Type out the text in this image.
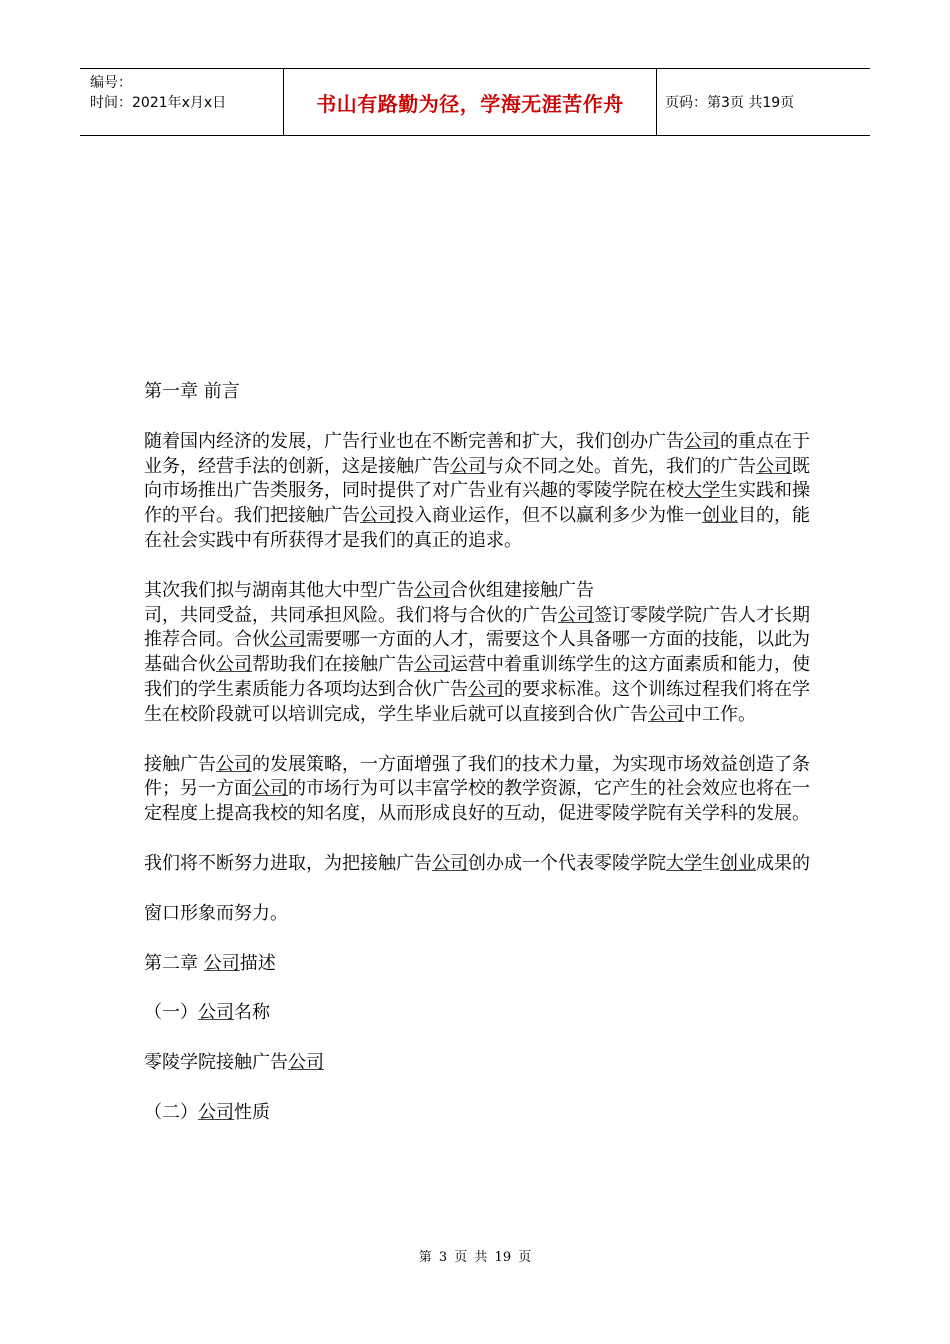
编号：
时间：2021年x月x日	书山有路勤为径，学海无涯苦作舟	页码：第3页 共19页

第一章 前言

随着国内经济的发展，广告行业也在不断完善和扩大，我们创办广告公司的重点在于业务，经营手法的创新，这是接触广告公司与众不同之处。首先，我们的广告公司既向市场推出广告类服务，同时提供了对广告业有兴趣的零陵学院在校大学生实践和操作的平台。我们把接触广告公司投入商业运作，但不以赢利多少为惟一创业目的，能在社会实践中有所获得才是我们的真正的追求。

其次我们拟与湖南其他大中型广告公司合伙组建接触广告
司，共同受益，共同承担风险。我们将与合伙的广告公司签订零陵学院广告人才长期推荐合同。合伙公司需要哪一方面的人才，需要这个人具备哪一方面的技能，以此为基础合伙公司帮助我们在接触广告公司运营中着重训练学生的这方面素质和能力，使我们的学生素质能力各项均达到合伙广告公司的要求标准。这个训练过程我们将在学生在校阶段就可以培训完成，学生毕业后就可以直接到合伙广告公司中工作。

接触广告公司的发展策略，一方面增强了我们的技术力量，为实现市场效益创造了条件；另一方面公司的市场行为可以丰富学校的教学资源，它产生的社会效应也将在一定程度上提高我校的知名度，从而形成良好的互动，促进零陵学院有关学科的发展。

我们将不断努力进取，为把接触广告公司创办成一个代表零陵学院大学生创业成果的

窗口形象而努力。

第二章 公司描述

（一）公司名称

零陵学院接触广告公司

（二）公司性质

第 3 页 共 19 页
